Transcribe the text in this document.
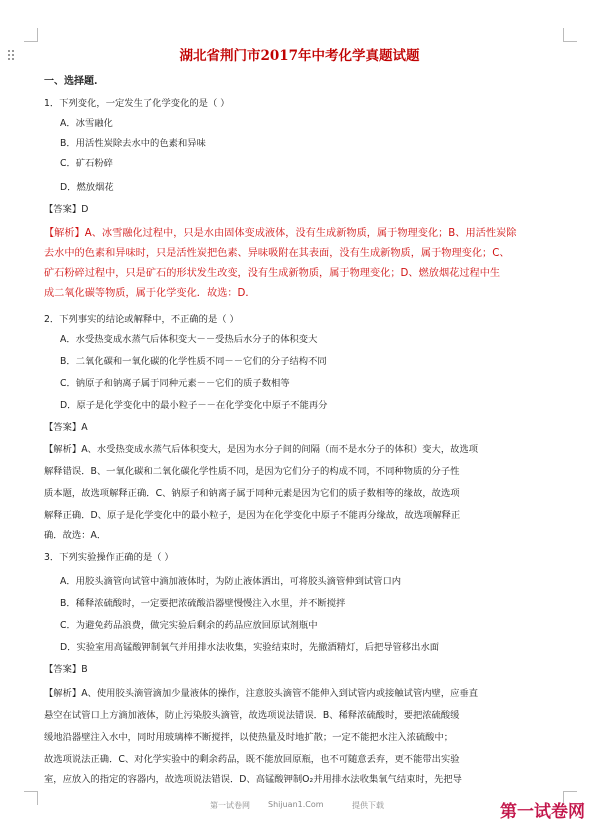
湖北省荆门市2017年中考化学真题试题
一、选择题.
1．下列变化，一定发生了化学变化的是（ ）
A．冰雪融化
B．用活性炭除去水中的色素和异味
C．矿石粉碎
D．燃放烟花
【答案】D
【解析】A、冰雪融化过程中，只是水由固体变成液体，没有生成新物质，属于物理变化；B、用活性炭除
去水中的色素和异味时，只是活性炭把色素、异味吸附在其表面，没有生成新物质，属于物理变化；C、
矿石粉碎过程中，只是矿石的形状发生改变，没有生成新物质，属于物理变化；D、燃放烟花过程中生
成二氧化碳等物质，属于化学变化．故选：D．
2．下列事实的结论或解释中，不正确的是（ ）
A．水受热变成水蒸气后体积变大－－受热后水分子的体积变大
B．二氧化碳和一氧化碳的化学性质不同－－它们的分子结构不同
C．钠原子和钠离子属于同种元素－－它们的质子数相等
D．原子是化学变化中的最小粒子－－在化学变化中原子不能再分
【答案】A
【解析】A、水受热变成水蒸气后体积变大，是因为水分子间的间隔（而不是水分子的体积）变大，故选项
解释错误．B、一氧化碳和二氧化碳化学性质不同，是因为它们分子的构成不同，不同种物质的分子性
质本题，故选项解释正确．C、钠原子和钠离子属于同种元素是因为它们的质子数相等的缘故，故选项
解释正确．D、原子是化学变化中的最小粒子，是因为在化学变化中原子不能再分缘故，故选项解释正
确．故选：A．
3．下列实验操作正确的是（ ）
A．用胶头滴管向试管中滴加液体时，为防止液体洒出，可将胶头滴管伸到试管口内
B．稀释浓硫酸时，一定要把浓硫酸沿器壁慢慢注入水里，并不断搅拌
C．为避免药品浪费，做完实验后剩余的药品应放回原试剂瓶中
D．实验室用高锰酸钾制氧气并用排水法收集，实验结束时，先撤酒精灯，后把导管移出水面
【答案】B
【解析】A、使用胶头滴管滴加少量液体的操作，注意胶头滴管不能伸入到试管内或接触试管内壁，应垂直
悬空在试管口上方滴加液体，防止污染胶头滴管，故选项说法错误．B、稀释浓硫酸时，要把浓硫酸缓
缓地沿器壁注入水中，同时用玻璃棒不断搅拌，以使热量及时地扩散；一定不能把水注入浓硫酸中；
故选项说法正确．C、对化学实验中的剩余药品，既不能放回原瓶，也不可随意丢弃，更不能带出实验
室，应放入的指定的容器内，故选项说法错误．D、高锰酸钾制O₂并用排水法收集氧气结束时，先把导
第一试卷网 Shijuan1.Com	提供下载	第一试卷网
